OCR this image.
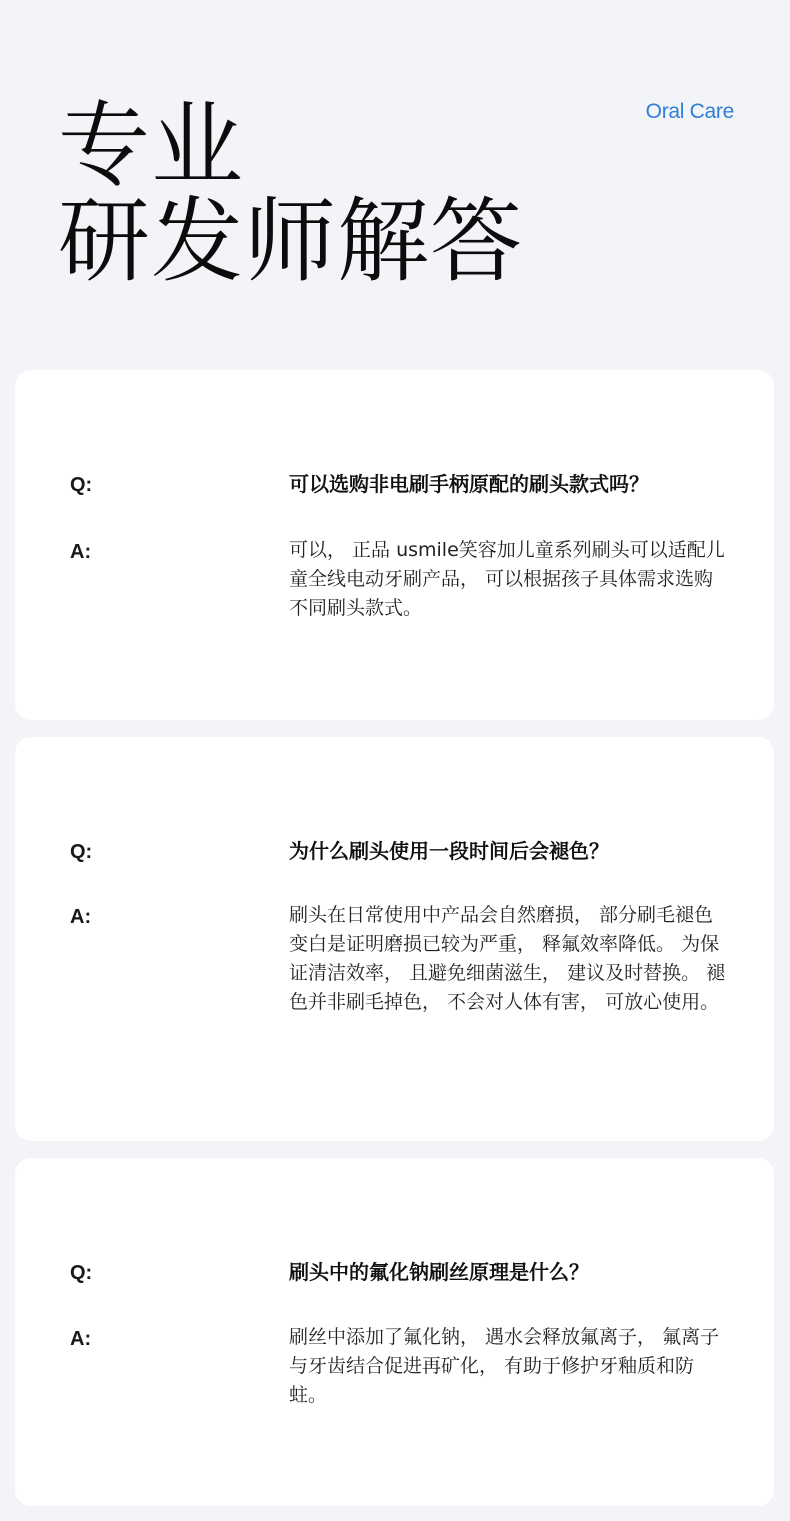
专业
研发师解答
Oral Care
Q:	可以选购非电刷手柄原配的刷头款式吗？
A:	可以， 正品 usmile笑容加儿童系列刷头可以适配儿童全线电动牙刷产品， 可以根据孩子具体需求选购不同刷头款式。
Q:	为什么刷头使用一段时间后会褪色？
A:	刷头在日常使用中产品会自然磨损， 部分刷毛褪色变白是证明磨损已较为严重， 释氟效率降低。 为保证清洁效率， 且避免细菌滋生， 建议及时替换。 褪色并非刷毛掉色， 不会对人体有害， 可放心使用。
Q:	刷头中的氟化钠刷丝原理是什么？
A:	刷丝中添加了氟化钠， 遇水会释放氟离子， 氟离子与牙齿结合促进再矿化， 有助于修护牙釉质和防蛀。
